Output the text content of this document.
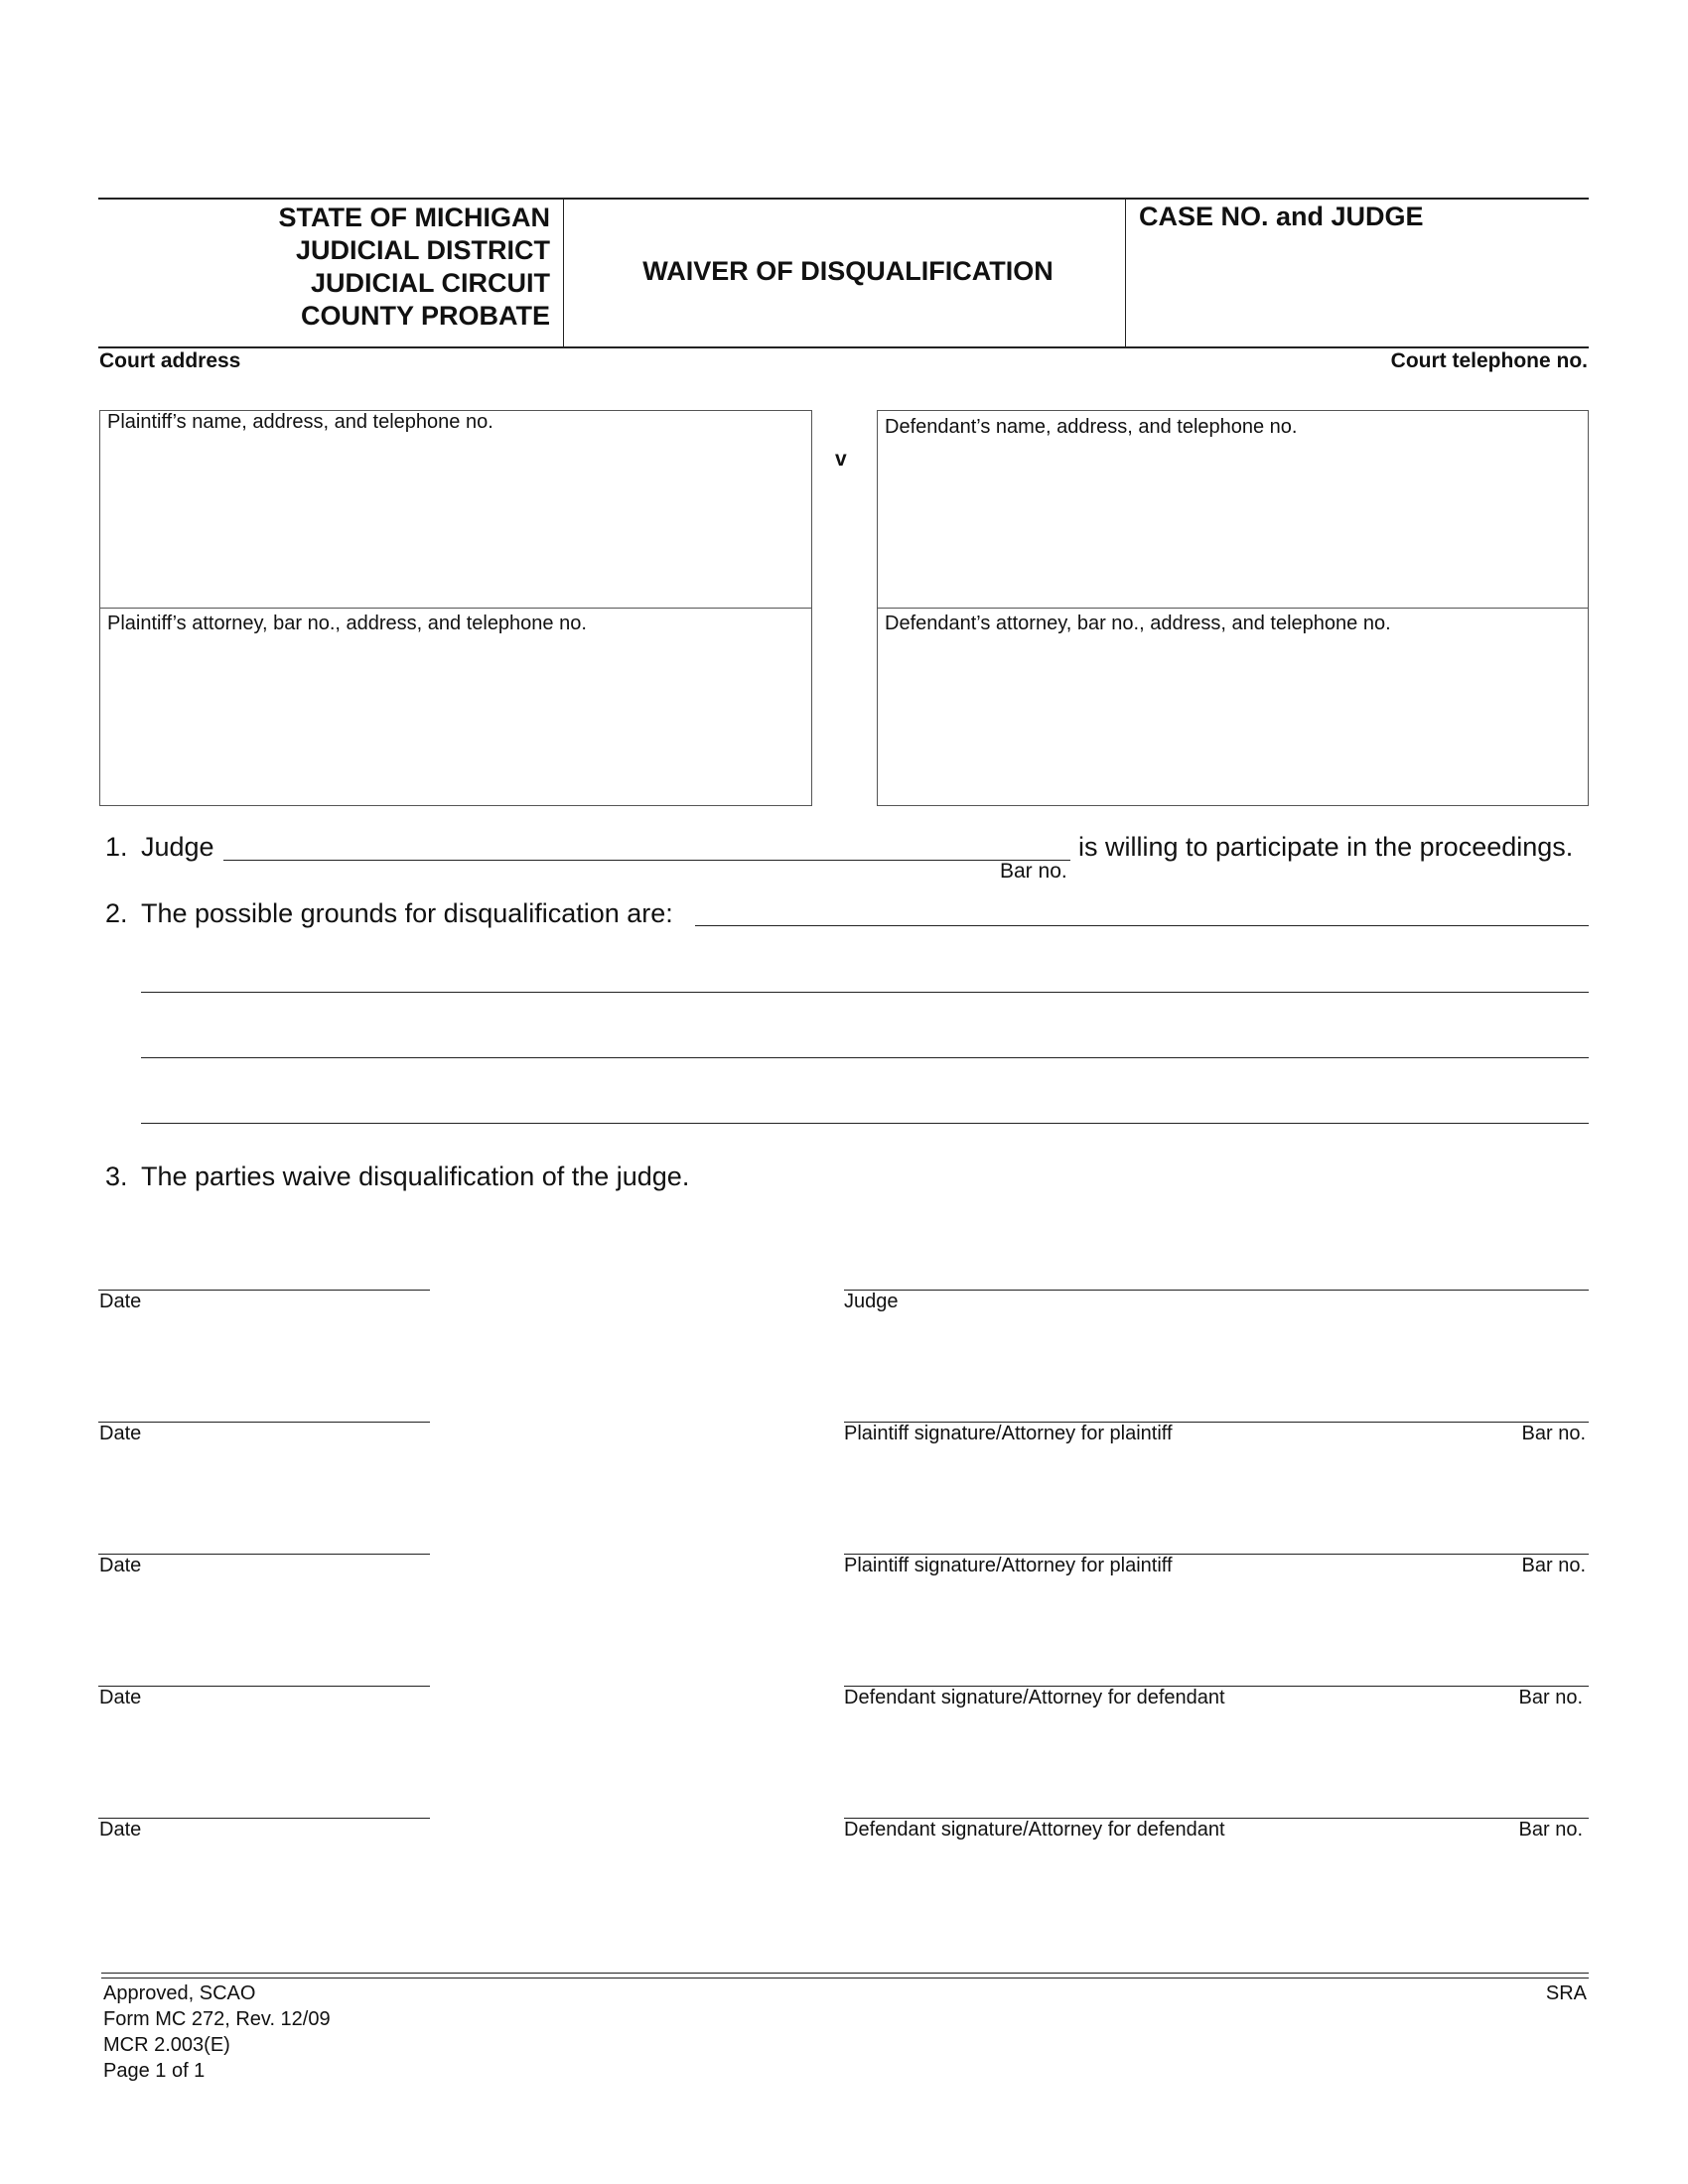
STATE OF MICHIGAN
JUDICIAL DISTRICT
JUDICIAL CIRCUIT
COUNTY PROBATE
WAIVER OF DISQUALIFICATION
CASE NO. and JUDGE
Court address	Court telephone no.
Plaintiff’s name, address, and telephone no.
Plaintiff’s attorney, bar no., address, and telephone no.
v
Defendant’s name, address, and telephone no.
Defendant’s attorney, bar no., address, and telephone no.
1. Judge	is willing to participate in the proceedings.
Bar no.
2. The possible grounds for disqualification are:
3. The parties waive disqualification of the judge.
Date	Judge
Date	Plaintiff signature/Attorney for plaintiff	Bar no.
Date	Plaintiff signature/Attorney for plaintiff	Bar no.
Date	Defendant signature/Attorney for defendant	Bar no.
Date	Defendant signature/Attorney for defendant	Bar no.
Approved, SCAO
Form MC 272, Rev. 12/09
MCR 2.003(E)
Page 1 of 1
SRA
